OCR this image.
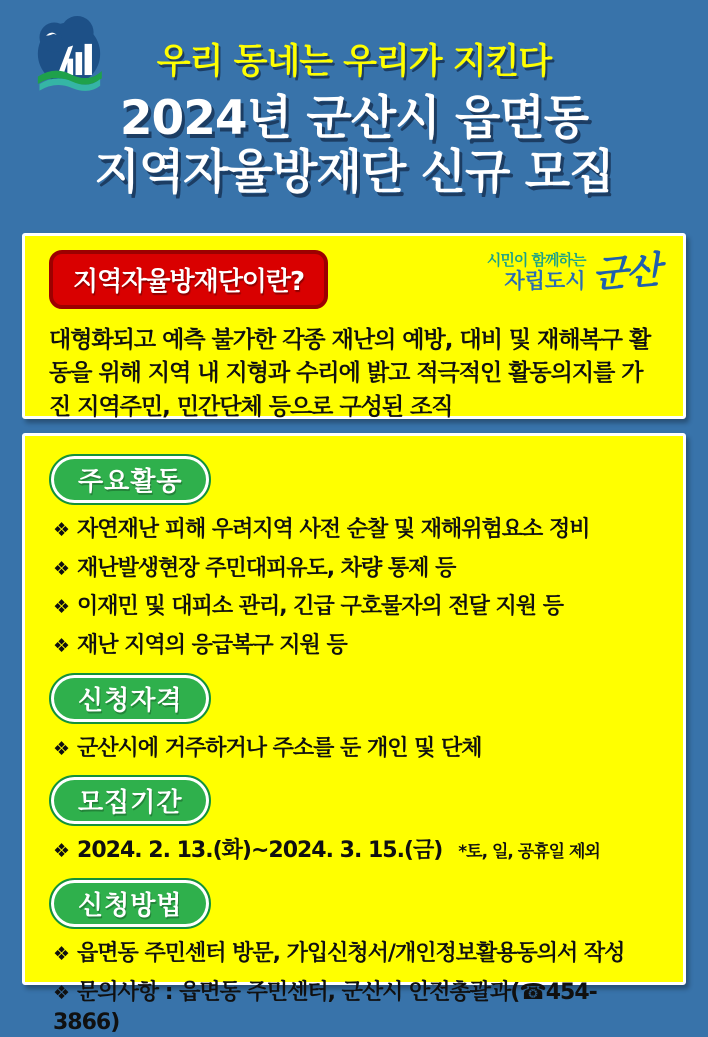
우리 동네는 우리가 지킨다
2024년 군산시 읍면동
지역자율방재단 신규 모집
지역자율방재단이란?
시민이 함께하는
자립도시 군산
대형화되고 예측 불가한 각종 재난의 예방, 대비 및 재해복구 활동을 위해 지역 내 지형과 수리에 밝고 적극적인 활동의지를 가진 지역주민, 민간단체 등으로 구성된 조직
주요활동
❖ 자연재난 피해 우려지역 사전 순찰 및 재해위험요소 정비
❖ 재난발생현장 주민대피유도, 차량 통제 등
❖ 이재민 및 대피소 관리, 긴급 구호물자의 전달 지원 등
❖ 재난 지역의 응급복구 지원 등
신청자격
❖ 군산시에 거주하거나 주소를 둔 개인 및 단체
모집기간
❖ 2024. 2. 13.(화)~2024. 3. 15.(금) *토, 일, 공휴일 제외
신청방법
❖ 읍면동 주민센터 방문, 가입신청서/개인정보활용동의서 작성
❖ 문의사항 : 읍면동 주민센터, 군산시 안전총괄과(☎454-3866)
